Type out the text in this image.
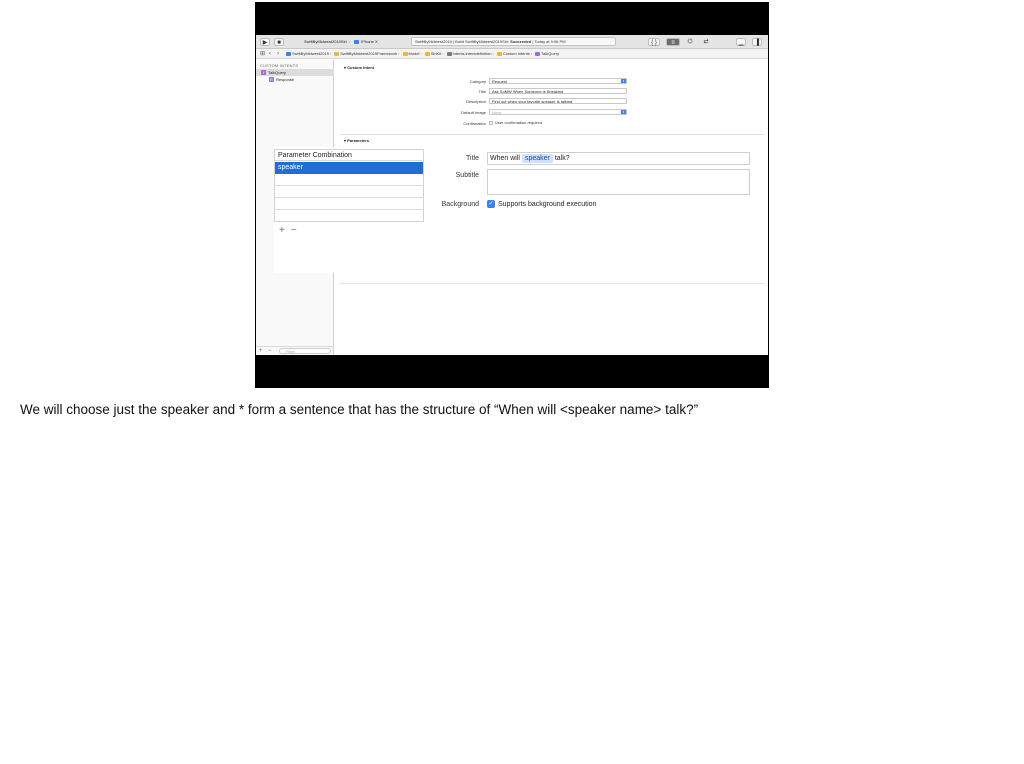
▶	■	SwiftByMidwest2019Siri ›	iPhone X	SwiftByMidwest2019 | Build SwiftByMidwest2019Siri: Succeeded | Today at 9:06 PM	{ }	≡	⌬	⇄	▁	▐
⊞ ‹ ›	SwiftByMidwest2019› SwiftByMidwest2019Framework› Model› SiriKit› Intents.intentdefinition› Custom Intents› TalkQuery
CUSTOM INTENTS
I TalkQuery
R Response
+ −	Filter
▾ Custom Intent
Category	Request	⇕
Title	Ask SoMW When Someone is Speaking
Description	Find out when your favorite speaker is talking
Default Image	None	⇕
Confirmation	User confirmation required
▾ Parameters
Parameter Combination
speaker
+ −
Title	When will speaker talk?
Subtitle
Background ✓ Supports background execution
We will choose just the speaker and * form a sentence that has the structure of “When will <speaker name> talk?”
